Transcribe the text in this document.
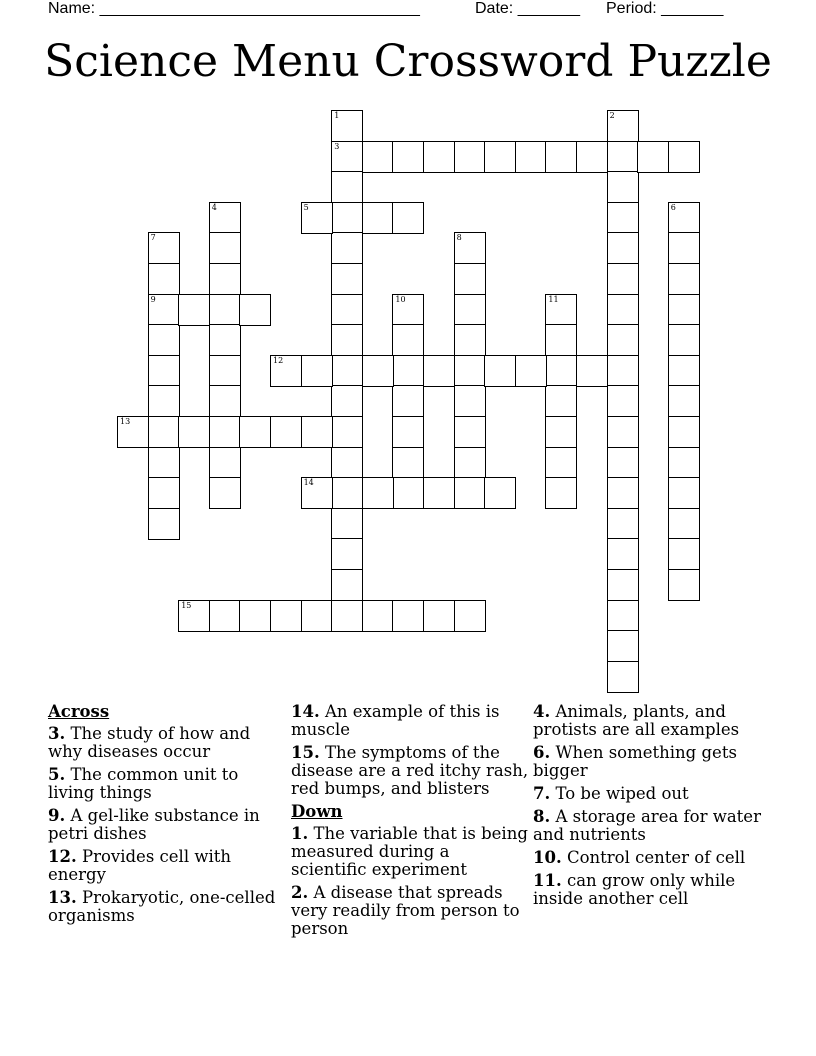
Name: ____________________________________	Date: _______ Period: _______
Science Menu Crossword Puzzle
1
3
2
4	5	6
7
9
8
10	11
12
13
14
15
Across
3. The study of how and why diseases occur
5. The common unit to living things
9. A gel-like substance in petri dishes
12. Provides cell with energy
13. Prokaryotic, one-celled organisms
14. An example of this is muscle
15. The symptoms of the disease are a red itchy rash, red bumps, and blisters
Down
1. The variable that is being measured during a scientific experiment
2. A disease that spreads very readily from person to person
4. Animals, plants, and protists are all examples
6. When something gets bigger
7. To be wiped out
8. A storage area for water and nutrients
10. Control center of cell
11. can grow only while inside another cell
